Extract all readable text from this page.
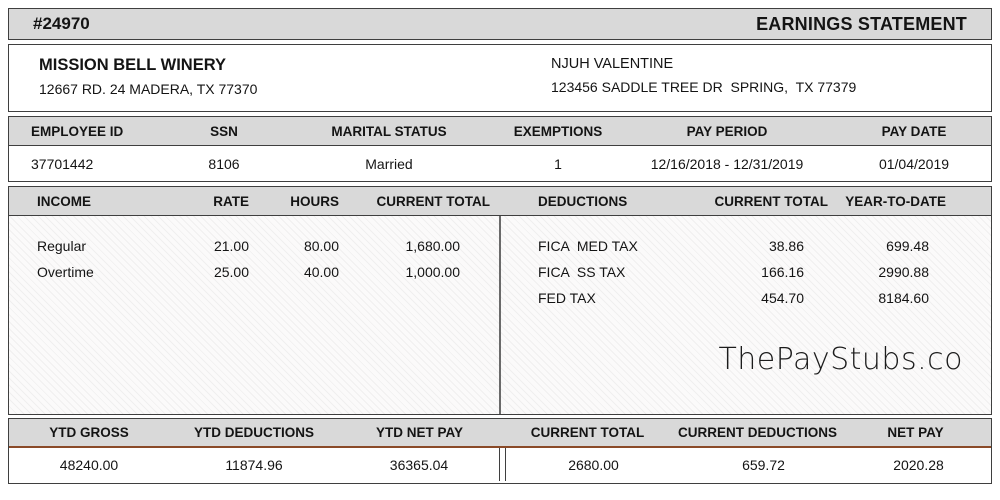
#24970	EARNINGS STATEMENT
MISSION BELL WINERY
12667 RD. 24 MADERA, TX 77370
NJUH VALENTINE
123456 SADDLE TREE DR  SPRING,  TX 77379
EMPLOYEE ID	SSN	MARITAL STATUS	EXEMPTIONS	PAY PERIOD	PAY DATE
37701442	8106	Married	1	12/16/2018 - 12/31/2019	01/04/2019
INCOME	RATE	HOURS	CURRENT TOTAL	DEDUCTIONS	CURRENT TOTAL	YEAR-TO-DATE
Regular	21.00	80.00	1,680.00
Overtime	25.00	40.00	1,000.00
FICA  MED TAX	38.86	699.48
FICA  SS TAX	166.16	2990.88
FED TAX	454.70	8184.60
ThePayStubs.co
YTD GROSS	YTD DEDUCTIONS	YTD NET PAY	CURRENT TOTAL	CURRENT DEDUCTIONS	NET PAY
48240.00	11874.96	36365.04	2680.00	659.72	2020.28
